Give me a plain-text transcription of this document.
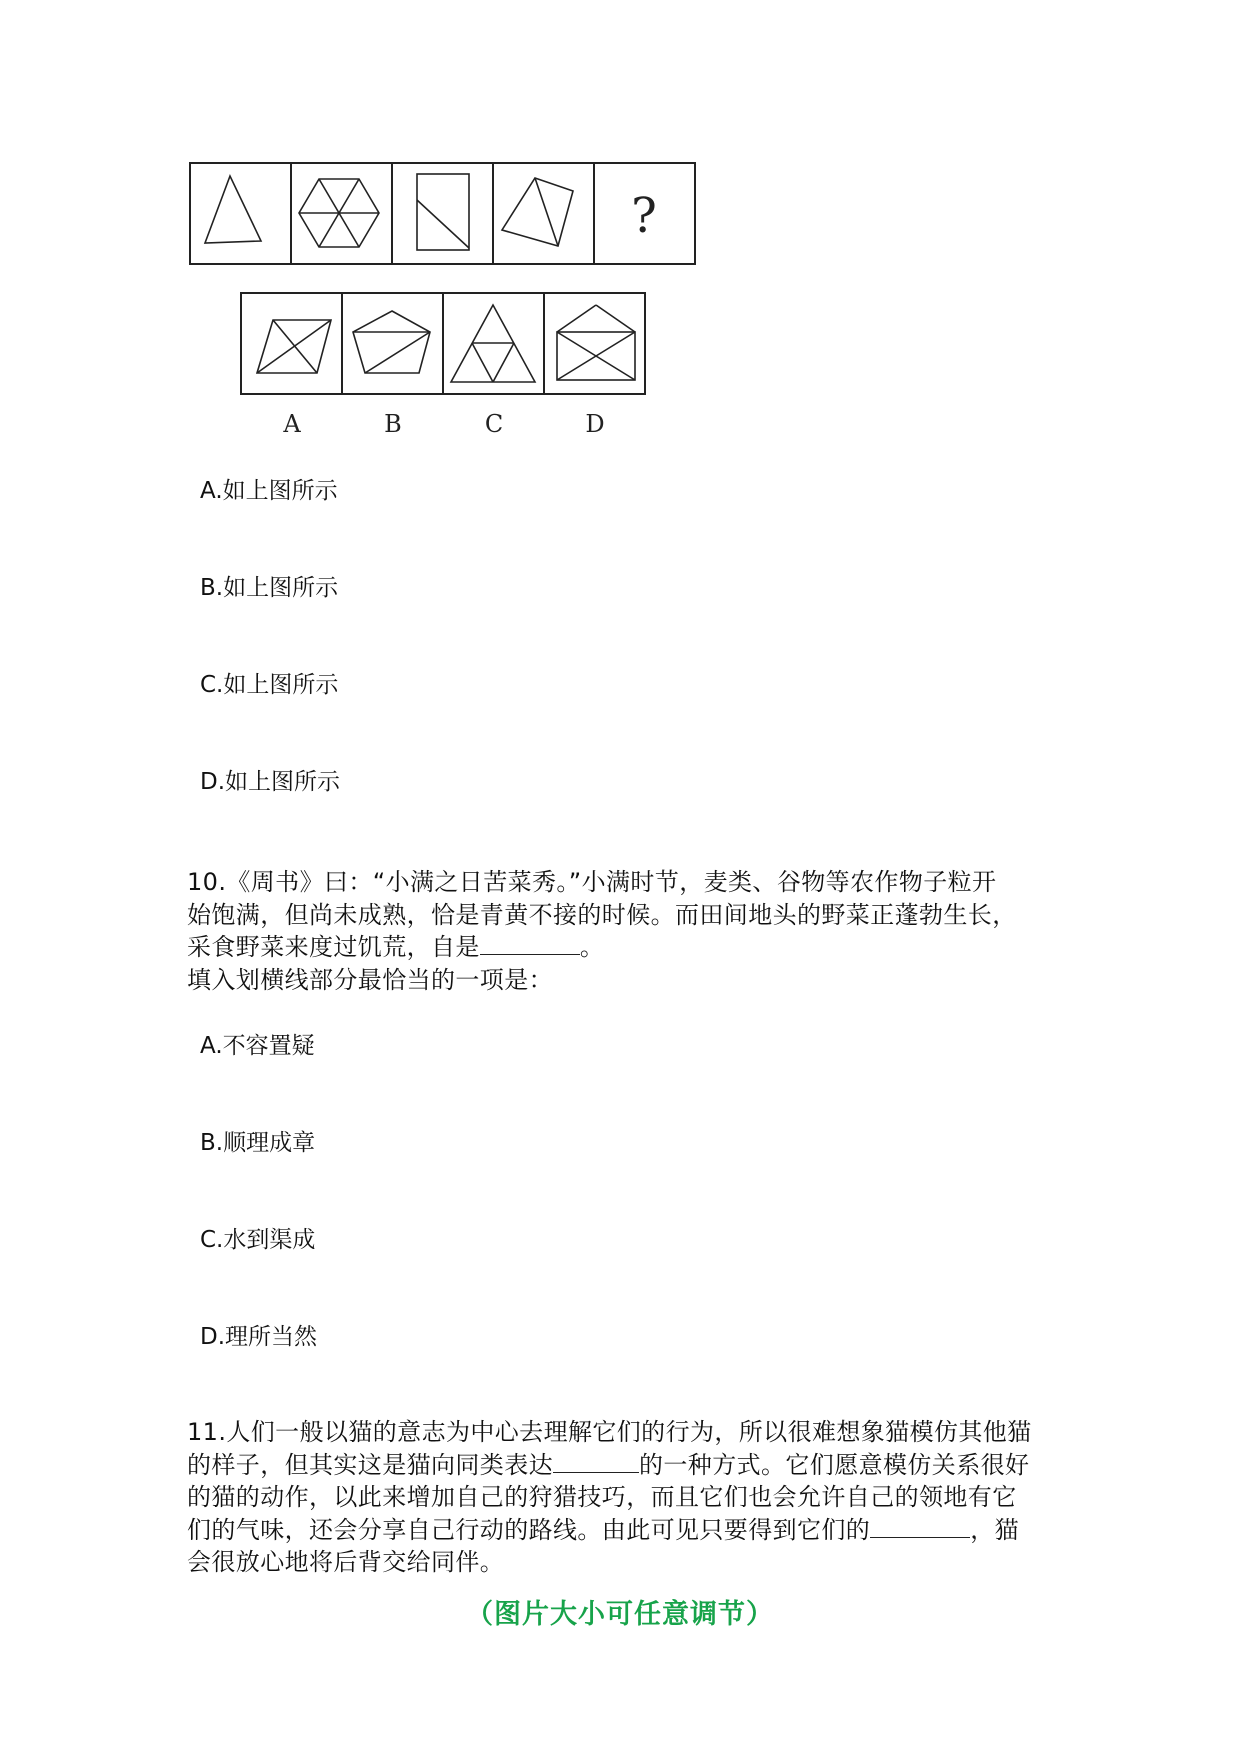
?
A	B	C	D
A.如上图所示
B.如上图所示
C.如上图所示
D.如上图所示

10.《周书》曰：“小满之日苦菜秀。”小满时节，麦类、谷物等农作物子粒开

始饱满，但尚未成熟，恰是青黄不接的时候。而田间地头的野菜正蓬勃生长，

采食野菜来度过饥荒，自是	。

填入划横线部分最恰当的一项是：

A.不容置疑
B.顺理成章
C.水到渠成
D.理所当然

11.人们一般以猫的意志为中心去理解它们的行为，所以很难想象猫模仿其他猫

的样子，但其实这是猫向同类表达	的一种方式。它们愿意模仿关系很好

的猫的动作，以此来增加自己的狩猎技巧，而且它们也会允许自己的领地有它

们的气味，还会分享自己行动的路线。由此可见只要得到它们的	，猫

会很放心地将后背交给同伴。

（图片大小可任意调节）
